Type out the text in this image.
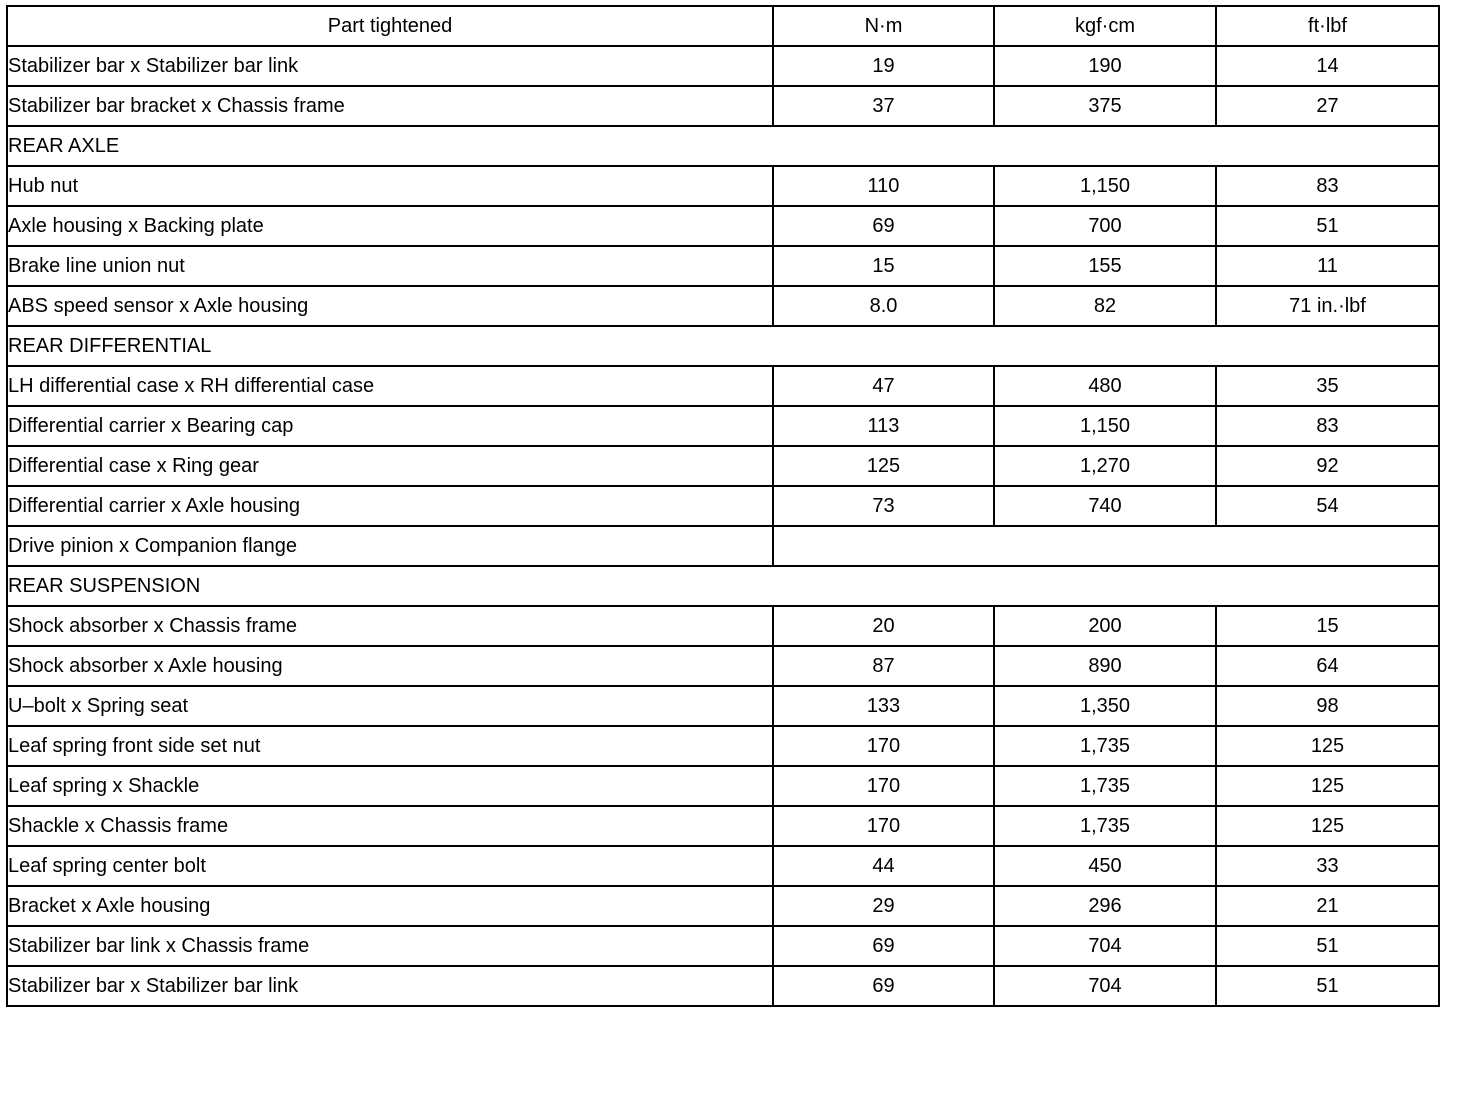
Part tightened	N·m	kgf·cm	ft·lbf
Stabilizer bar x Stabilizer bar link	19	190	14
Stabilizer bar bracket x Chassis frame	37	375	27
REAR AXLE			
Hub nut	110	1,150	83
Axle housing x Backing plate	69	700	51
Brake line union nut	15	155	11
ABS speed sensor x Axle housing	8.0	82	71 in.·lbf
REAR DIFFERENTIAL			
LH differential case x RH differential case	47	480	35
Differential carrier x Bearing cap	113	1,150	83
Differential case x Ring gear	125	1,270	92
Differential carrier x Axle housing	73	740	54
Drive pinion x Companion flange			
REAR SUSPENSION			
Shock absorber x Chassis frame	20	200	15
Shock absorber x Axle housing	87	890	64
U–bolt x Spring seat	133	1,350	98
Leaf spring front side set nut	170	1,735	125
Leaf spring x Shackle	170	1,735	125
Shackle x Chassis frame	170	1,735	125
Leaf spring center bolt	44	450	33
Bracket x Axle housing	29	296	21
Stabilizer bar link x Chassis frame	69	704	51
Stabilizer bar x Stabilizer bar link	69	704	51
